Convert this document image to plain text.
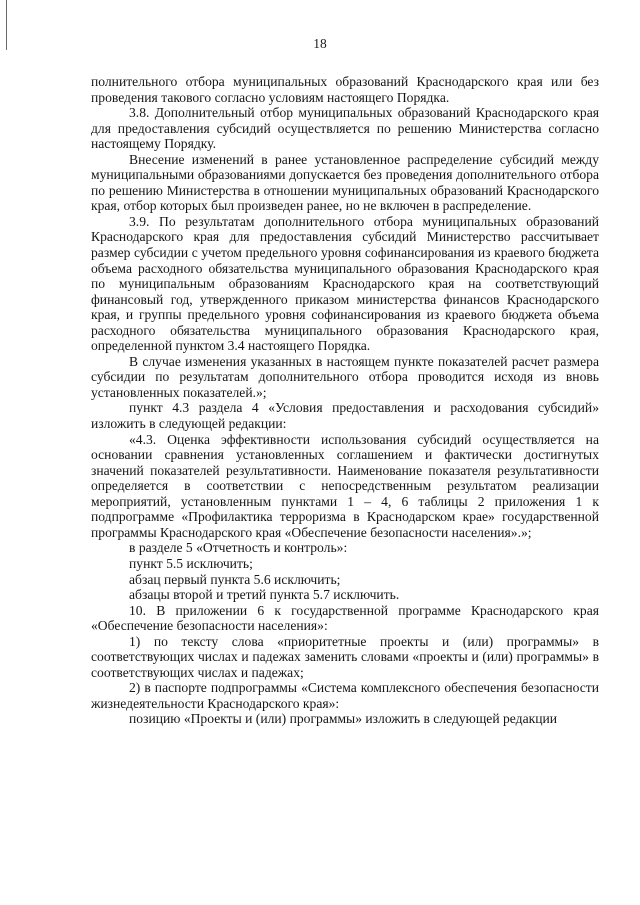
18

полнительного отбора муниципальных образований Краснодарского края или без проведения такового согласно условиям настоящего Порядка.

3.8. Дополнительный отбор муниципальных образований Краснодарского края для предоставления субсидий осуществляется по решению Министерства согласно настоящему Порядку.

Внесение изменений в ранее установленное распределение субсидий между муниципальными образованиями допускается без проведения дополнительного отбора по решению Министерства в отношении муниципальных образований Краснодарского края, отбор которых был произведен ранее, но не включен в распределение.

3.9. По результатам дополнительного отбора муниципальных образований Краснодарского края для предоставления субсидий Министерство рассчитывает размер субсидии с учетом предельного уровня софинансирования из краевого бюджета объема расходного обязательства муниципального образования Краснодарского края по муниципальным образованиям Краснодарского края на соответствующий финансовый год, утвержденного приказом министерства финансов Краснодарского края, и группы предельного уровня софинансирования из краевого бюджета объема расходного обязательства муниципального образования Краснодарского края, определенной пунктом 3.4 настоящего Порядка.

В случае изменения указанных в настоящем пункте показателей расчет размера субсидии по результатам дополнительного отбора проводится исходя из вновь установленных показателей.»;

пункт 4.3 раздела 4 «Условия предоставления и расходования субсидий» изложить в следующей редакции:

«4.3. Оценка эффективности использования субсидий осуществляется на основании сравнения установленных соглашением и фактически достигнутых значений показателей результативности. Наименование показателя результативности определяется в соответствии с непосредственным результатом реализации мероприятий, установленным пунктами 1 – 4, 6 таблицы 2 приложения 1 к подпрограмме «Профилактика терроризма в Краснодарском крае» государственной программы Краснодарского края «Обеспечение безопасности населения».»;

в разделе 5 «Отчетность и контроль»:

пункт 5.5 исключить;

абзац первый пункта 5.6 исключить;

абзацы второй и третий пункта 5.7 исключить.

10. В приложении 6 к государственной программе Краснодарского края «Обеспечение безопасности населения»:

1) по тексту слова «приоритетные проекты и (или) программы» в соответствующих числах и падежах заменить словами «проекты и (или) программы» в соответствующих числах и падежах;

2) в паспорте подпрограммы «Система комплексного обеспечения безопасности жизнедеятельности Краснодарского края»:

позицию «Проекты и (или) программы» изложить в следующей редакции
